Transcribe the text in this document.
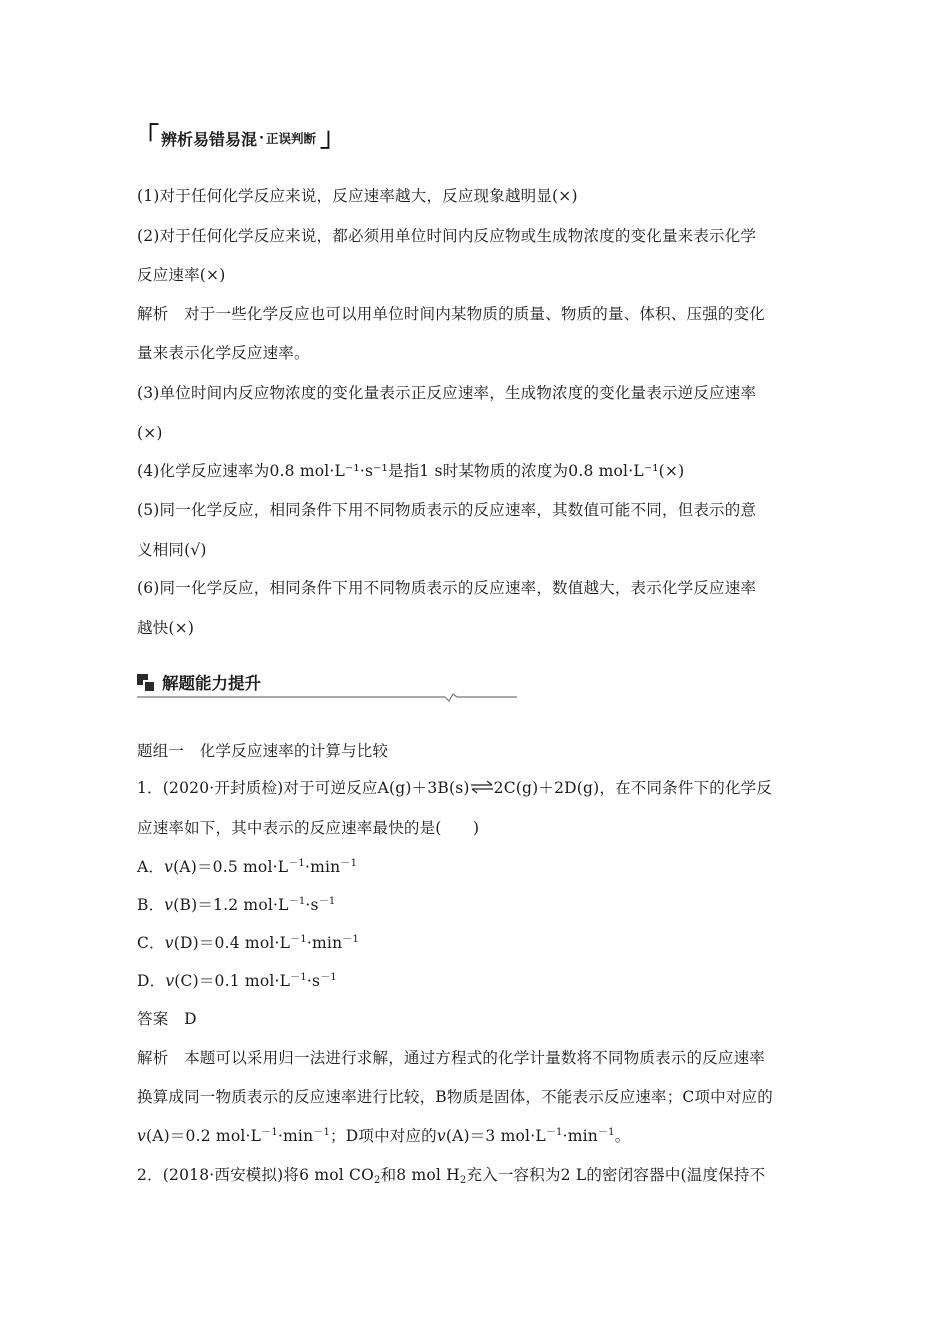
「 辨析易错易混 · 正误判断 」
(1)对于任何化学反应来说，反应速率越大，反应现象越明显(×)
(2)对于任何化学反应来说，都必须用单位时间内反应物或生成物浓度的变化量来表示化学
反应速率(×)
解析　对于一些化学反应也可以用单位时间内某物质的质量、物质的量、体积、压强的变化
量来表示化学反应速率。
(3)单位时间内反应物浓度的变化量表示正反应速率，生成物浓度的变化量表示逆反应速率
(×)
(4)化学反应速率为0.8 mol·L⁻¹·s⁻¹是指1 s时某物质的浓度为0.8 mol·L⁻¹(×)
(5)同一化学反应，相同条件下用不同物质表示的反应速率，其数值可能不同，但表示的意
义相同(√)
(6)同一化学反应，相同条件下用不同物质表示的反应速率，数值越大，表示化学反应速率
越快(×)
解题能力提升
题组一　化学反应速率的计算与比较
1．(2020·开封质检)对于可逆反应A(g)＋3B(s)⇌2C(g)＋2D(g)，在不同条件下的化学反
应速率如下，其中表示的反应速率最快的是(　　)
A．v(A)＝0.5 $mol\cdot L^{-1}\cdot\min^{-1}$
B．v(B)＝1.2 $mol\cdot L^{-1}\cdot s^{-1}$
C．v(D)＝0.4 $mol\cdot L^{-1}\cdot\min^{-1}$
D．v(C)＝0.1 $mol\cdot L^{-1}\cdot s^{-1}$
答案　D
解析　本题可以采用归一法进行求解，通过方程式的化学计量数将不同物质表示的反应速率
换算成同一物质表示的反应速率进行比较，B物质是固体，不能表示反应速率；C项中对应的
v(A)＝0.2 $mol\cdot L^{-1}\cdot\min^{-1}$；D项中对应的v(A)＝3 $mol\cdot L^{-1}\cdot\min^{-1}$。
2．(2018·西安模拟)将6 mol $CO_2$和8 mol $H_2$充入一容积为2 L的密闭容器中(温度保持不
